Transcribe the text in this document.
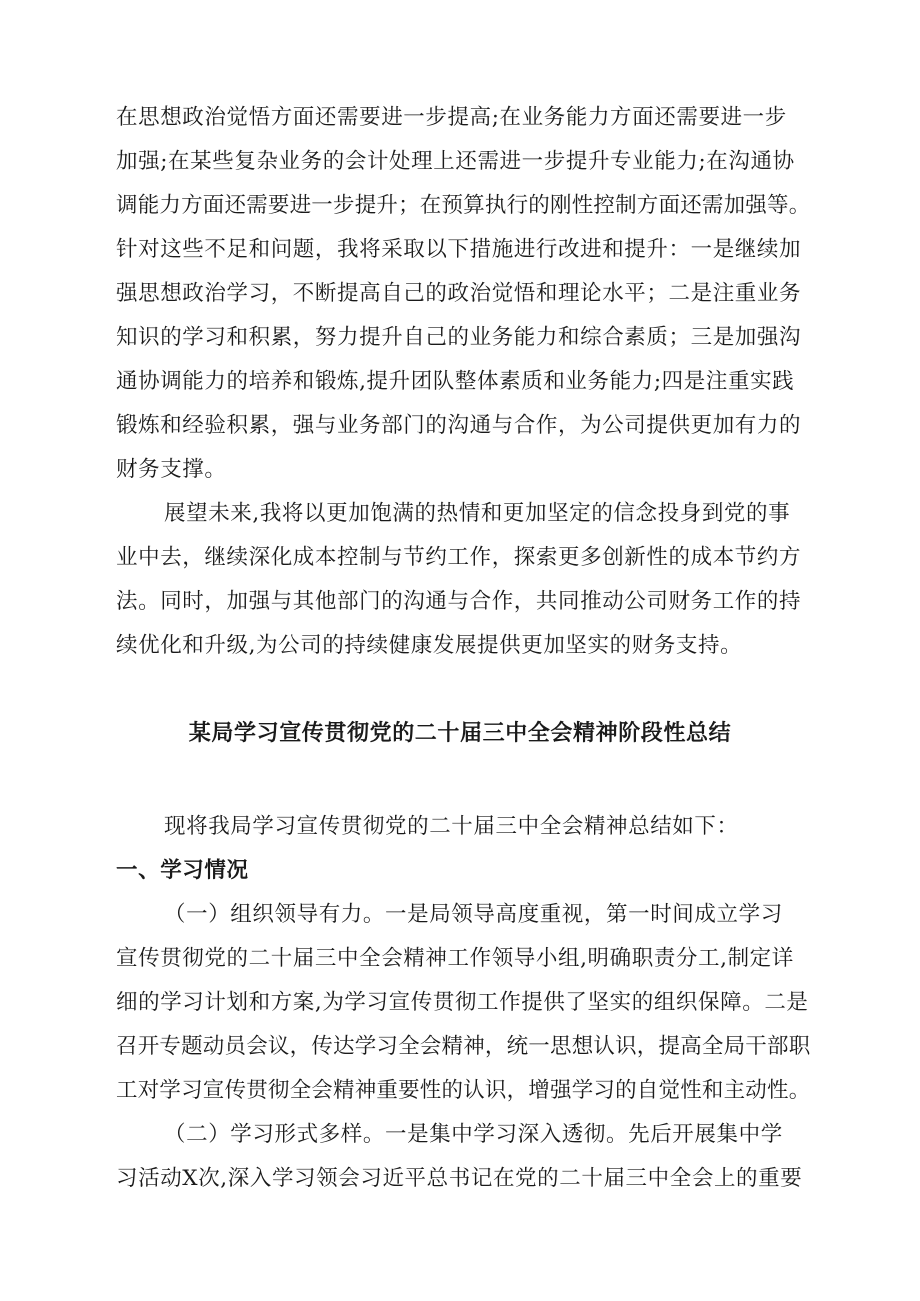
在思想政治觉悟方面还需要进一步提高;在业务能力方面还需要进一步
加强;在某些复杂业务的会计处理上还需进一步提升专业能力;在沟通协
调能力方面还需要进一步提升；在预算执行的刚性控制方面还需加强等。
针对这些不足和问题，我将采取以下措施进行改进和提升：一是继续加
强思想政治学习，不断提高自己的政治觉悟和理论水平；二是注重业务
知识的学习和积累，努力提升自己的业务能力和综合素质；三是加强沟
通协调能力的培养和锻炼,提升团队整体素质和业务能力;四是注重实践
锻炼和经验积累，强与业务部门的沟通与合作，为公司提供更加有力的
财务支撑。
展望未来,我将以更加饱满的热情和更加坚定的信念投身到党的事
业中去，继续深化成本控制与节约工作，探索更多创新性的成本节约方
法。同时，加强与其他部门的沟通与合作，共同推动公司财务工作的持
续优化和升级,为公司的持续健康发展提供更加坚实的财务支持。
某局学习宣传贯彻党的二十届三中全会精神阶段性总结
现将我局学习宣传贯彻党的二十届三中全会精神总结如下：
一、学习情况
（一）组织领导有力。一是局领导高度重视，第一时间成立学习
宣传贯彻党的二十届三中全会精神工作领导小组,明确职责分工,制定详
细的学习计划和方案,为学习宣传贯彻工作提供了坚实的组织保障。二是
召开专题动员会议，传达学习全会精神，统一思想认识，提高全局干部职
工对学习宣传贯彻全会精神重要性的认识，增强学习的自觉性和主动性。
（二）学习形式多样。一是集中学习深入透彻。先后开展集中学
习活动X次,深入学习领会习近平总书记在党的二十届三中全会上的重要
